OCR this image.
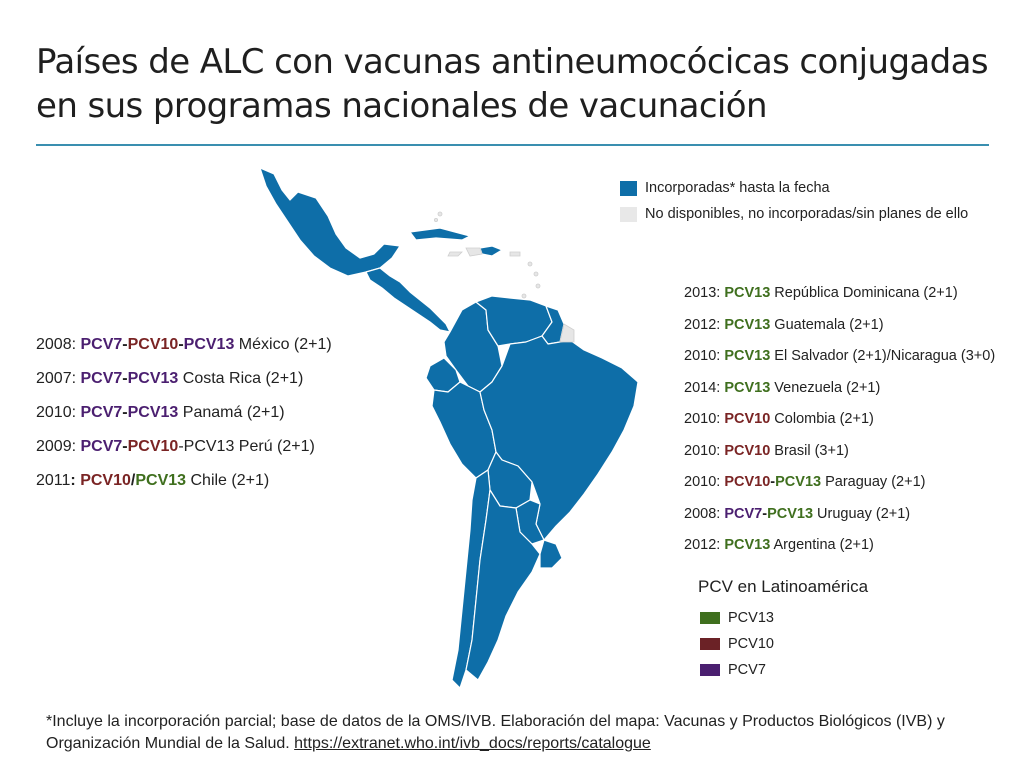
Países de ALC con vacunas antineumocócicas conjugadas
en sus programas nacionales de vacunación
Incorporadas* hasta la fecha
No disponibles, no incorporadas/sin planes de ello
2008: PCV7-PCV10-PCV13 México (2+1)
2007: PCV7-PCV13 Costa Rica (2+1)
2010: PCV7-PCV13 Panamá (2+1)
2009: PCV7-PCV10-PCV13 Perú (2+1)
2011: PCV10/PCV13 Chile (2+1)
2013: PCV13 República Dominicana (2+1)
2012: PCV13 Guatemala (2+1)
2010: PCV13 El Salvador (2+1)/Nicaragua (3+0)
2014: PCV13 Venezuela (2+1)
2010: PCV10 Colombia (2+1)
2010: PCV10 Brasil (3+1)
2010: PCV10-PCV13 Paraguay (2+1)
2008: PCV7-PCV13 Uruguay (2+1)
2012: PCV13 Argentina (2+1)
PCV en Latinoamérica
PCV13
PCV10
PCV7
*Incluye la incorporación parcial; base de datos de la OMS/IVB. Elaboración del mapa: Vacunas y Productos Biológicos (IVB) y Organización Mundial de la Salud. https://extranet.who.int/ivb_docs/reports/catalogue
